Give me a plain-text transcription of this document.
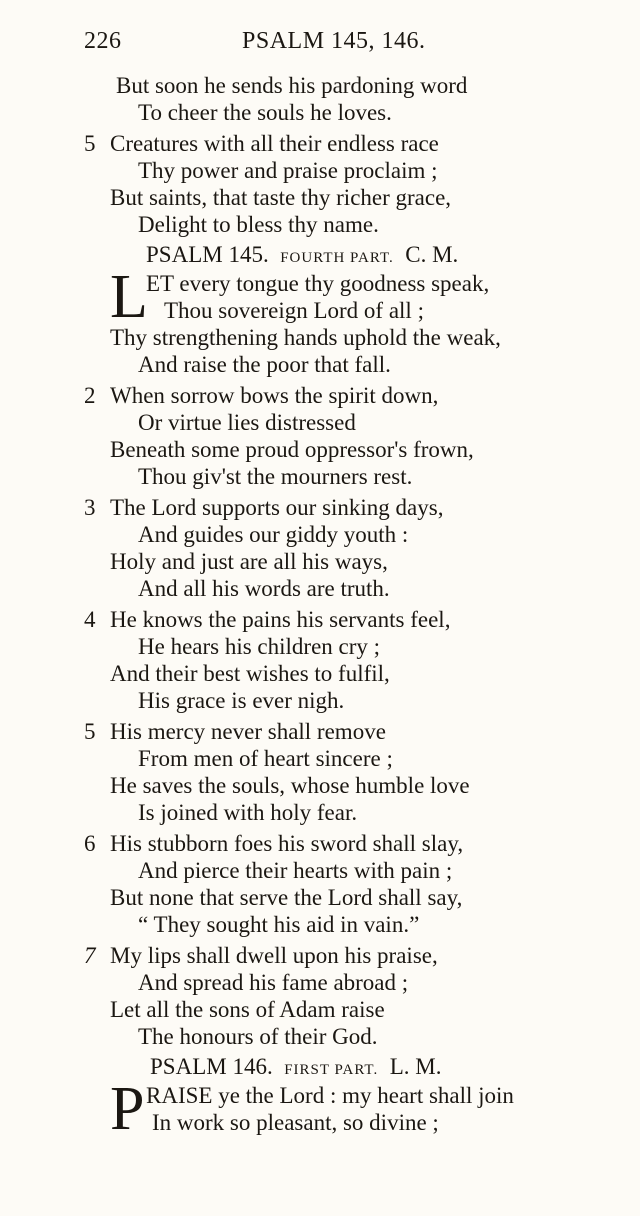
226	PSALM 145, 146.
But soon he sends his pardoning word
To cheer the souls he loves.
5 Creatures with all their endless race
Thy power and praise proclaim ;
But saints, that taste thy richer grace,
Delight to bless thy name.
PSALM 145. FOURTH PART. C. M.
L
ET every tongue thy goodness speak,
Thou sovereign Lord of all ;
Thy strengthening hands uphold the weak,
And raise the poor that fall.
2 When sorrow bows the spirit down,
Or virtue lies distressed
Beneath some proud oppressor's frown,
Thou giv'st the mourners rest.
3 The Lord supports our sinking days,
And guides our giddy youth :
Holy and just are all his ways,
And all his words are truth.
4 He knows the pains his servants feel,
He hears his children cry ;
And their best wishes to fulfil,
His grace is ever nigh.
5 His mercy never shall remove
From men of heart sincere ;
He saves the souls, whose humble love
Is joined with holy fear.
6 His stubborn foes his sword shall slay,
And pierce their hearts with pain ;
But none that serve the Lord shall say,
“ They sought his aid in vain.”
7 My lips shall dwell upon his praise,
And spread his fame abroad ;
Let all the sons of Adam raise
The honours of their God.
PSALM 146. FIRST PART. L. M.
P RAISE ye the Lord : my heart shall join
In work so pleasant, so divine ;
